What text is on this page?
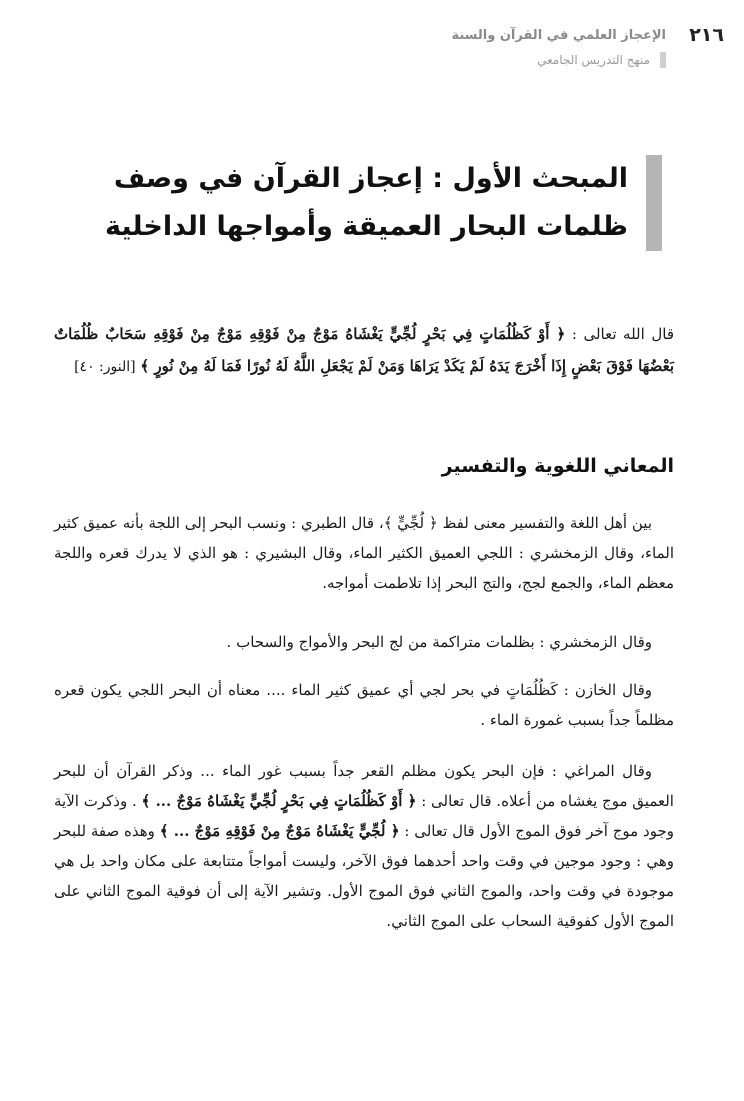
٢١٦
الإعجاز العلمي في القرآن والسنة
منهج التدريس الجامعي
المبحث الأول : إعجاز القرآن في وصف
ظلمات البحار العميقة وأمواجها الداخلية
قال الله تعالى : ﴿ أَوْ كَظُلُمَاتٍ فِي بَحْرٍ لُجِّيٍّ يَغْشَاهُ مَوْجٌ مِنْ فَوْقِهِ مَوْجٌ مِنْ فَوْقِهِ سَحَابٌ ظُلُمَاتٌ بَعْضُهَا فَوْقَ بَعْضٍ إِذَا أَخْرَجَ يَدَهُ لَمْ يَكَدْ يَرَاهَا وَمَنْ لَمْ يَجْعَلِ اللَّهُ لَهُ نُورًا فَمَا لَهُ مِنْ نُورٍ ﴾ [النور: ٤٠]
المعاني اللغوية والتفسير
بين أهل اللغة والتفسير معنى لفظ ﴿ لُجِّيٍّ ﴾، قال الطبري : ونسب البحر إلى اللجة بأنه عميق كثير الماء، وقال الزمخشري : اللجي العميق الكثير الماء، وقال البشيري : هو الذي لا يدرك قعره واللجة معظم الماء، والجمع لجج، والتج البحر إذا تلاطمت أمواجه.
وقال الزمخشري : بظلمات متراكمة من لج البحر والأمواج والسحاب .
وقال الخازن : كَظُلُمَاتٍ في بحر لجي أي عميق كثير الماء .... معناه أن البحر اللجي يكون قعره مظلماً جداً بسبب غمورة الماء .
وقال المراغي : فإن البحر يكون مظلم القعر جداً بسبب غور الماء ... وذكر القرآن أن للبحر العميق موج يغشاه من أعلاه. قال تعالى : ﴿ أَوْ كَظُلُمَاتٍ فِي بَحْرٍ لُجِّيٍّ يَغْشَاهُ مَوْجٌ ... ﴾ . وذكرت الآية وجود موج آخر فوق الموج الأول قال تعالى : ﴿ لُجِّيٍّ يَغْشَاهُ مَوْجٌ مِنْ فَوْقِهِ مَوْجٌ ... ﴾ وهذه صفة للبحر وهي : وجود موجين في وقت واحد أحدهما فوق الآخر، وليست أمواجاً متتابعة على مكان واحد بل هي موجودة في وقت واحد، والموج الثاني فوق الموج الأول. وتشير الآية إلى أن فوقية الموج الثاني على الموج الأول كفوقية السحاب على الموج الثاني.
